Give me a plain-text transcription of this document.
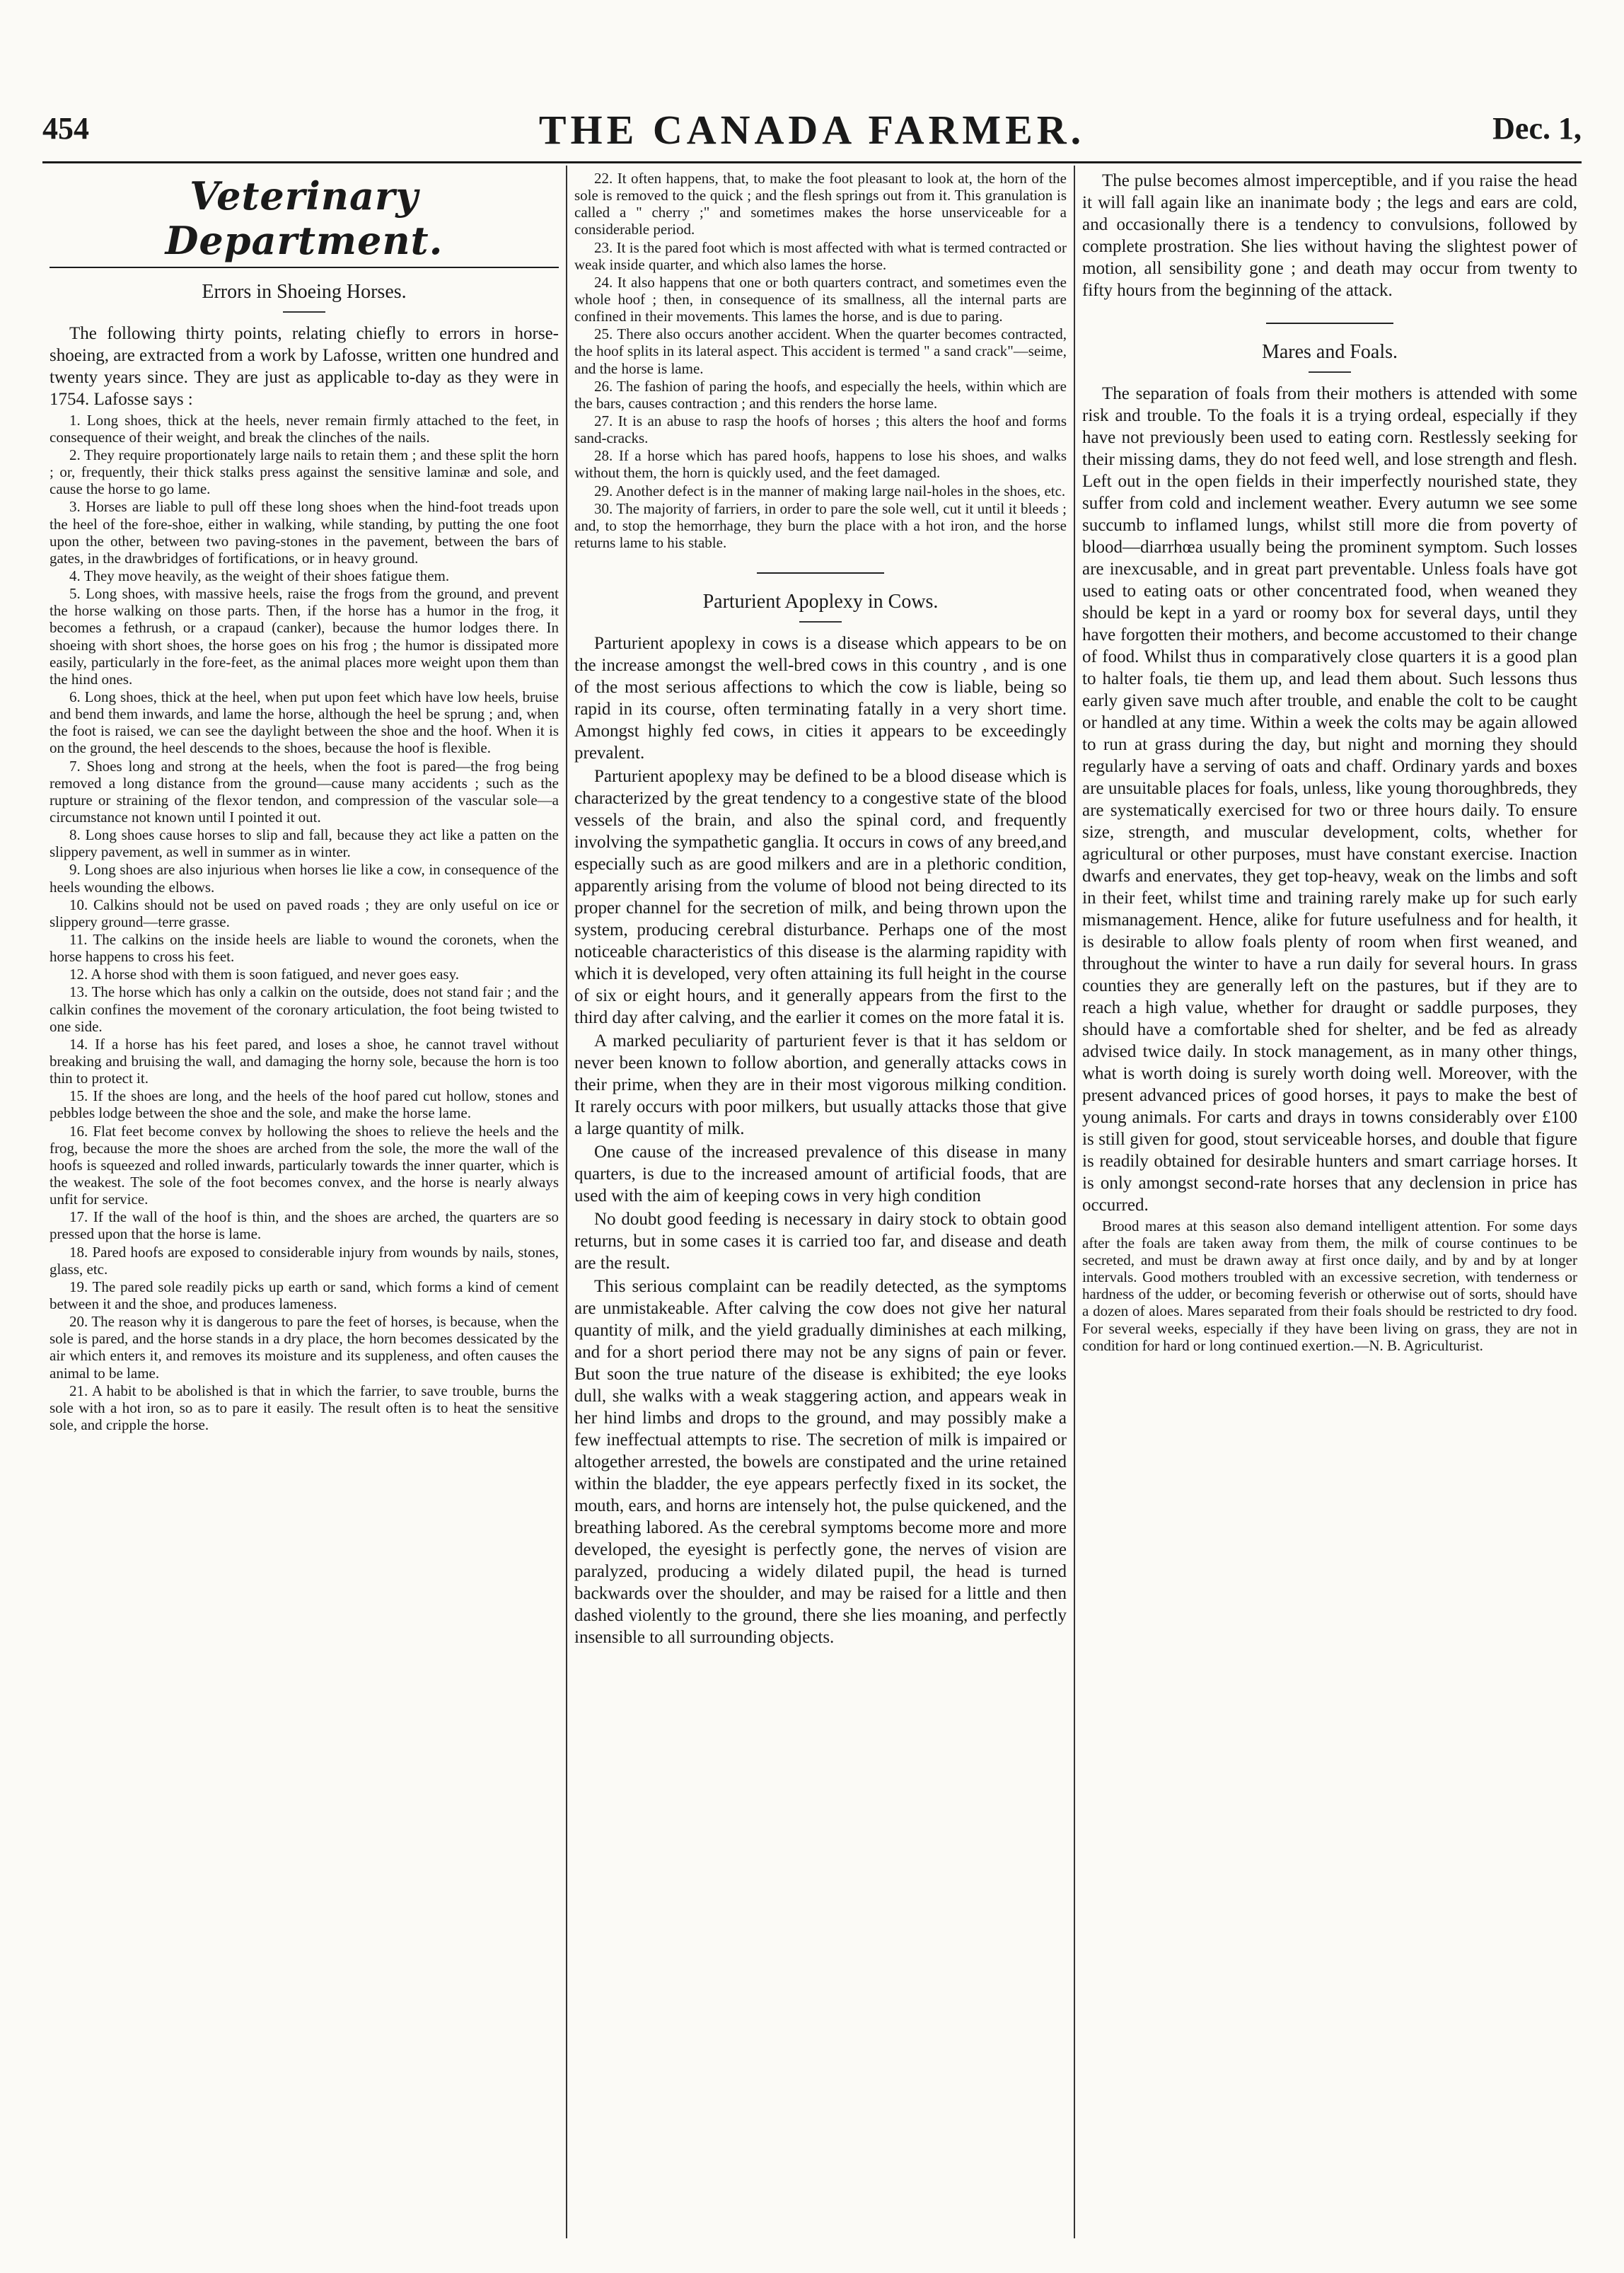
454	THE CANADA FARMER.	Dec. 1,
Veterinary Department.
Errors in Shoeing Horses.

The following thirty points, relating chiefly to errors in horse-shoeing, are extracted from a work by Lafosse, written one hundred and twenty years since. They are just as applicable to-day as they were in 1754. Lafosse says :

1. Long shoes, thick at the heels, never remain firmly attached to the feet, in consequence of their weight, and break the clinches of the nails.

2. They require proportionately large nails to retain them ; and these split the horn ; or, frequently, their thick stalks press against the sensitive laminæ and sole, and cause the horse to go lame.

3. Horses are liable to pull off these long shoes when the hind-foot treads upon the heel of the fore-shoe, either in walking, while standing, by putting the one foot upon the other, between two paving-stones in the pavement, between the bars of gates, in the drawbridges of fortifications, or in heavy ground.

4. They move heavily, as the weight of their shoes fatigue them.

5. Long shoes, with massive heels, raise the frogs from the ground, and prevent the horse walking on those parts. Then, if the horse has a humor in the frog, it becomes a fethrush, or a crapaud (canker), because the humor lodges there. In shoeing with short shoes, the horse goes on his frog ; the humor is dissipated more easily, particularly in the fore-feet, as the animal places more weight upon them than the hind ones.

6. Long shoes, thick at the heel, when put upon feet which have low heels, bruise and bend them inwards, and lame the horse, although the heel be sprung ; and, when the foot is raised, we can see the daylight between the shoe and the hoof. When it is on the ground, the heel descends to the shoes, because the hoof is flexible.

7. Shoes long and strong at the heels, when the foot is pared—the frog being removed a long distance from the ground—cause many accidents ; such as the rupture or straining of the flexor tendon, and compression of the vascular sole—a circumstance not known until I pointed it out.

8. Long shoes cause horses to slip and fall, because they act like a patten on the slippery pavement, as well in summer as in winter.

9. Long shoes are also injurious when horses lie like a cow, in consequence of the heels wounding the elbows.

10. Calkins should not be used on paved roads ; they are only useful on ice or slippery ground—terre grasse.

11. The calkins on the inside heels are liable to wound the coronets, when the horse happens to cross his feet.

12. A horse shod with them is soon fatigued, and never goes easy.

13. The horse which has only a calkin on the outside, does not stand fair ; and the calkin confines the movement of the coronary articulation, the foot being twisted to one side.

14. If a horse has his feet pared, and loses a shoe, he cannot travel without breaking and bruising the wall, and damaging the horny sole, because the horn is too thin to protect it.

15. If the shoes are long, and the heels of the hoof pared cut hollow, stones and pebbles lodge between the shoe and the sole, and make the horse lame.

16. Flat feet become convex by hollowing the shoes to relieve the heels and the frog, because the more the shoes are arched from the sole, the more the wall of the hoofs is squeezed and rolled inwards, particularly towards the inner quarter, which is the weakest. The sole of the foot becomes convex, and the horse is nearly always unfit for service.

17. If the wall of the hoof is thin, and the shoes are arched, the quarters are so pressed upon that the horse is lame.

18. Pared hoofs are exposed to considerable injury from wounds by nails, stones, glass, etc.

19. The pared sole readily picks up earth or sand, which forms a kind of cement between it and the shoe, and produces lameness.

20. The reason why it is dangerous to pare the feet of horses, is because, when the sole is pared, and the horse stands in a dry place, the horn becomes dessicated by the air which enters it, and removes its moisture and its suppleness, and often causes the animal to be lame.

21. A habit to be abolished is that in which the farrier, to save trouble, burns the sole with a hot iron, so as to pare it easily. The result often is to heat the sensitive sole, and cripple the horse.

22. It often happens, that, to make the foot pleasant to look at, the horn of the sole is removed to the quick ; and the flesh springs out from it. This granulation is called a " cherry ;" and sometimes makes the horse unserviceable for a considerable period.

23. It is the pared foot which is most affected with what is termed contracted or weak inside quarter, and which also lames the horse.

24. It also happens that one or both quarters contract, and sometimes even the whole hoof ; then, in consequence of its smallness, all the internal parts are confined in their movements. This lames the horse, and is due to paring.

25. There also occurs another accident. When the quarter becomes contracted, the hoof splits in its lateral aspect. This accident is termed " a sand crack"—seime, and the horse is lame.

26. The fashion of paring the hoofs, and especially the heels, within which are the bars, causes contraction ; and this renders the horse lame.

27. It is an abuse to rasp the hoofs of horses ; this alters the hoof and forms sand-cracks.

28. If a horse which has pared hoofs, happens to lose his shoes, and walks without them, the horn is quickly used, and the feet damaged.

29. Another defect is in the manner of making large nail-holes in the shoes, etc.

30. The majority of farriers, in order to pare the sole well, cut it until it bleeds ; and, to stop the hemorrhage, they burn the place with a hot iron, and the horse returns lame to his stable.

Parturient Apoplexy in Cows.

Parturient apoplexy in cows is a disease which appears to be on the increase amongst the well-bred cows in this country , and is one of the most serious affections to which the cow is liable, being so rapid in its course, often terminating fatally in a very short time. Amongst highly fed cows, in cities it appears to be exceedingly prevalent.

Parturient apoplexy may be defined to be a blood disease which is characterized by the great tendency to a congestive state of the blood vessels of the brain, and also the spinal cord, and frequently involving the sympathetic ganglia. It occurs in cows of any breed,and especially such as are good milkers and are in a plethoric condition, apparently arising from the volume of blood not being directed to its proper channel for the secretion of milk, and being thrown upon the system, producing cerebral disturbance. Perhaps one of the most noticeable characteristics of this disease is the alarming rapidity with which it is developed, very often attaining its full height in the course of six or eight hours, and it generally appears from the first to the third day after calving, and the earlier it comes on the more fatal it is.

A marked peculiarity of parturient fever is that it has seldom or never been known to follow abortion, and generally attacks cows in their prime, when they are in their most vigorous milking condition. It rarely occurs with poor milkers, but usually attacks those that give a large quantity of milk.

One cause of the increased prevalence of this disease in many quarters, is due to the increased amount of artificial foods, that are used with the aim of keeping cows in very high condition

No doubt good feeding is necessary in dairy stock to obtain good returns, but in some cases it is carried too far, and disease and death are the result.

This serious complaint can be readily detected, as the symptoms are unmistakeable. After calving the cow does not give her natural quantity of milk, and the yield gradually diminishes at each milking, and for a short period there may not be any signs of pain or fever. But soon the true nature of the disease is exhibited; the eye looks dull, she walks with a weak staggering action, and appears weak in her hind limbs and drops to the ground, and may possibly make a few ineffectual attempts to rise. The secretion of milk is impaired or altogether arrested, the bowels are constipated and the urine retained within the bladder, the eye appears perfectly fixed in its socket, the mouth, ears, and horns are intensely hot, the pulse quickened, and the breathing labored. As the cerebral symptoms become more and more developed, the eyesight is perfectly gone, the nerves of vision are paralyzed, producing a widely dilated pupil, the head is turned backwards over the shoulder, and may be raised for a little and then dashed violently to the ground, there she lies moaning, and perfectly insensible to all surrounding objects.

The pulse becomes almost imperceptible, and if you raise the head it will fall again like an inanimate body ; the legs and ears are cold, and occasionally there is a tendency to convulsions, followed by complete prostration. She lies without having the slightest power of motion, all sensibility gone ; and death may occur from twenty to fifty hours from the beginning of the attack.

Mares and Foals.

The separation of foals from their mothers is attended with some risk and trouble. To the foals it is a trying ordeal, especially if they have not previously been used to eating corn. Restlessly seeking for their missing dams, they do not feed well, and lose strength and flesh. Left out in the open fields in their imperfectly nourished state, they suffer from cold and inclement weather. Every autumn we see some succumb to inflamed lungs, whilst still more die from poverty of blood—diarrhœa usually being the prominent symptom. Such losses are inexcusable, and in great part preventable. Unless foals have got used to eating oats or other concentrated food, when weaned they should be kept in a yard or roomy box for several days, until they have forgotten their mothers, and become accustomed to their change of food. Whilst thus in comparatively close quarters it is a good plan to halter foals, tie them up, and lead them about. Such lessons thus early given save much after trouble, and enable the colt to be caught or handled at any time. Within a week the colts may be again allowed to run at grass during the day, but night and morning they should regularly have a serving of oats and chaff. Ordinary yards and boxes are unsuitable places for foals, unless, like young thoroughbreds, they are systematically exercised for two or three hours daily. To ensure size, strength, and muscular development, colts, whether for agricultural or other purposes, must have constant exercise. Inaction dwarfs and enervates, they get top-heavy, weak on the limbs and soft in their feet, whilst time and training rarely make up for such early mismanagement. Hence, alike for future usefulness and for health, it is desirable to allow foals plenty of room when first weaned, and throughout the winter to have a run daily for several hours. In grass counties they are generally left on the pastures, but if they are to reach a high value, whether for draught or saddle purposes, they should have a comfortable shed for shelter, and be fed as already advised twice daily. In stock management, as in many other things, what is worth doing is surely worth doing well. Moreover, with the present advanced prices of good horses, it pays to make the best of young animals. For carts and drays in towns considerably over £100 is still given for good, stout serviceable horses, and double that figure is readily obtained for desirable hunters and smart carriage horses. It is only amongst second-rate horses that any declension in price has occurred.

Brood mares at this season also demand intelligent attention. For some days after the foals are taken away from them, the milk of course continues to be secreted, and must be drawn away at first once daily, and by and by at longer intervals. Good mothers troubled with an excessive secretion, with tenderness or hardness of the udder, or becoming feverish or otherwise out of sorts, should have a dozen of aloes. Mares separated from their foals should be restricted to dry food. For several weeks, especially if they have been living on grass, they are not in condition for hard or long continued exertion.—N. B. Agriculturist.
